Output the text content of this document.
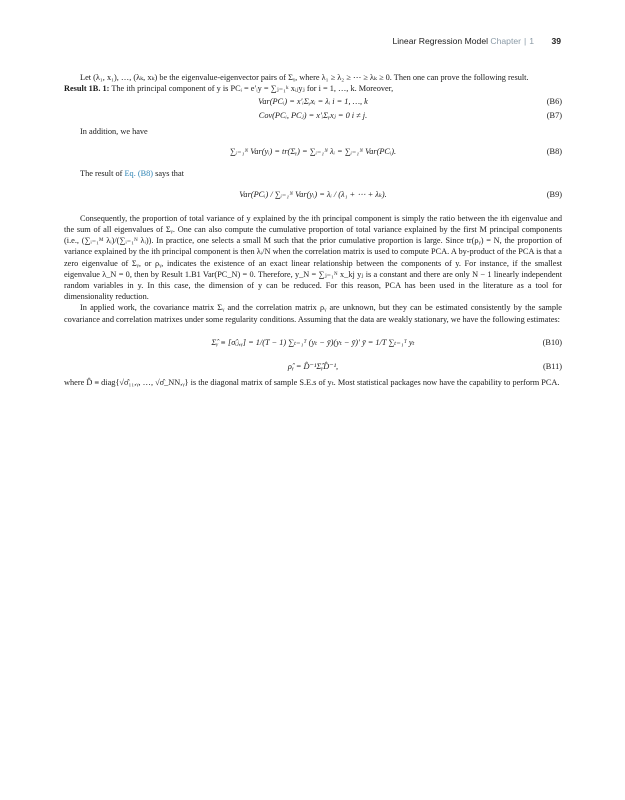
Linear Regression Model Chapter | 1 39

Let (λ₁, x₁), …, (λₖ, xₖ) be the eigenvalue-eigenvector pairs of Σᵧ, where λ₁ ≥ λ₂ ≥ ⋯ ≥ λₖ ≥ 0. Then one can prove the following result.

Result 1B. 1: The ith principal component of y is PCᵢ = e′ᵢy = ∑ⱼ₌₁ᵏ xᵢⱼyⱼ for i = 1, …, k. Moreover,

Var(PCᵢ) = x′ᵢΣᵧxᵢ = λᵢ i = 1, …, k	(B6)
Cov(PCᵢ, PCⱼ) = x′ᵢΣᵧxⱼ = 0 i ≠ j.	(B7)

In addition, we have

∑ᵢ₌₁ᴺ Var(yᵢ) = tr(Σᵧ) = ∑ᵢ₌₁ᴺ λᵢ = ∑ᵢ₌₁ᴺ Var(PCᵢ).	(B8)

The result of Eq. (B8) says that

Var(PCᵢ) / ∑ᵢ₌₁ᴺ Var(yᵢ) = λᵢ / (λ₁ + ⋯ + λₖ).	(B9)

Consequently, the proportion of total variance of y explained by the ith principal component is simply the ratio between the ith eigenvalue and the sum of all eigenvalues of Σᵧ. One can also compute the cumulative proportion of total variance explained by the first M principal components (i.e., (∑ᵢ₌₁ᴹ λᵢ)/(∑ᵢ₌₁ᴺ λᵢ)). In practice, one selects a small M such that the prior cumulative proportion is large. Since tr(ρᵧ) = N, the proportion of variance explained by the ith principal component is then λᵢ/N when the correlation matrix is used to compute PCA. A by-product of the PCA is that a zero eigenvalue of Σᵧ, or ρᵧ, indicates the existence of an exact linear relationship between the components of y. For instance, if the smallest eigenvalue λ_N = 0, then by Result 1.B1 Var(PC_N) = 0. Therefore, y_N = ∑ⱼ₌₁ᴺ x_kj yⱼ is a constant and there are only N − 1 linearly independent random variables in y. In this case, the dimension of y can be reduced. For this reason, PCA has been used in the literature as a tool for dimensionality reduction.

In applied work, the covariance matrix Σᵧ and the correlation matrix ρᵧ are unknown, but they can be estimated consistently by the sample covariance and correlation matrixes under some regularity conditions. Assuming that the data are weakly stationary, we have the following estimates:

Σ̂ᵧ ≡ [σ̂ᵢⱼ,ᵧ] = 1/(T − 1) ∑ₜ₌₁ᵀ (yₜ − ȳ)(yₜ − ȳ)′ ȳ = 1/T ∑ₜ₌₁ᵀ yₜ	(B10)
ρ̂ᵧ = D̂⁻¹Σ̂ᵧD̂⁻¹,	(B11)

where D̂ ≡ diag{√σ̂₁₁,ᵧ, …, √σ̂_NN,ᵧ} is the diagonal matrix of sample S.E.s of yₜ. Most statistical packages now have the capability to perform PCA.
